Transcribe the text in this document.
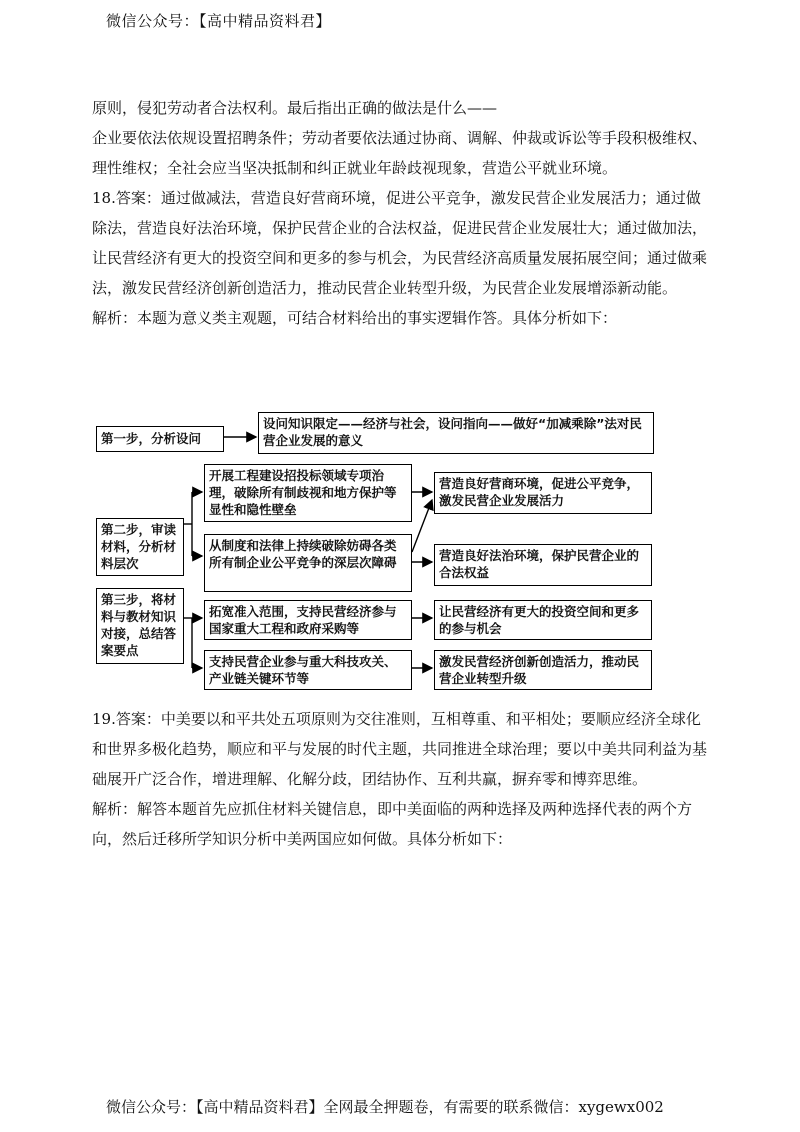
微信公众号：【高中精品资料君】

原则，侵犯劳动者合法权利。最后指出正确的做法是什么——

企业要依法依规设置招聘条件；劳动者要依法通过协商、调解、仲裁或诉讼等手段积极维权、理性维权；全社会应当坚决抵制和纠正就业年龄歧视现象，营造公平就业环境。

18.答案：通过做减法，营造良好营商环境，促进公平竞争，激发民营企业发展活力；通过做除法，营造良好法治环境，保护民营企业的合法权益，促进民营企业发展壮大；通过做加法，让民营经济有更大的投资空间和更多的参与机会，为民营经济高质量发展拓展空间；通过做乘法，激发民营经济创新创造活力，推动民营企业转型升级，为民营企业发展增添新动能。

解析：本题为意义类主观题，可结合材料给出的事实逻辑作答。具体分析如下：

第一步，分析设问
设问知识限定——经济与社会，设问指向——做好“加减乘除”法对民营企业发展的意义
第二步，审读材料，分析材料层次
第三步，将材料与教材知识对接，总结答案要点
开展工程建设招投标领域专项治理，破除所有制歧视和地方保护等显性和隐性壁垒
从制度和法律上持续破除妨碍各类所有制企业公平竞争的深层次障碍
拓宽准入范围，支持民营经济参与国家重大工程和政府采购等
支持民营企业参与重大科技攻关、产业链关键环节等
营造良好营商环境，促进公平竞争，激发民营企业发展活力
营造良好法治环境，保护民营企业的合法权益
让民营经济有更大的投资空间和更多的参与机会
激发民营经济创新创造活力，推动民营企业转型升级

19.答案：中美要以和平共处五项原则为交往准则，互相尊重、和平相处；要顺应经济全球化和世界多极化趋势，顺应和平与发展的时代主题，共同推进全球治理；要以中美共同利益为基础展开广泛合作，增进理解、化解分歧，团结协作、互利共赢，摒弃零和博弈思维。

解析：解答本题首先应抓住材料关键信息，即中美面临的两种选择及两种选择代表的两个方向，然后迁移所学知识分析中美两国应如何做。具体分析如下：

微信公众号：【高中精品资料君】全网最全押题卷，有需要的联系微信：xygewx002
